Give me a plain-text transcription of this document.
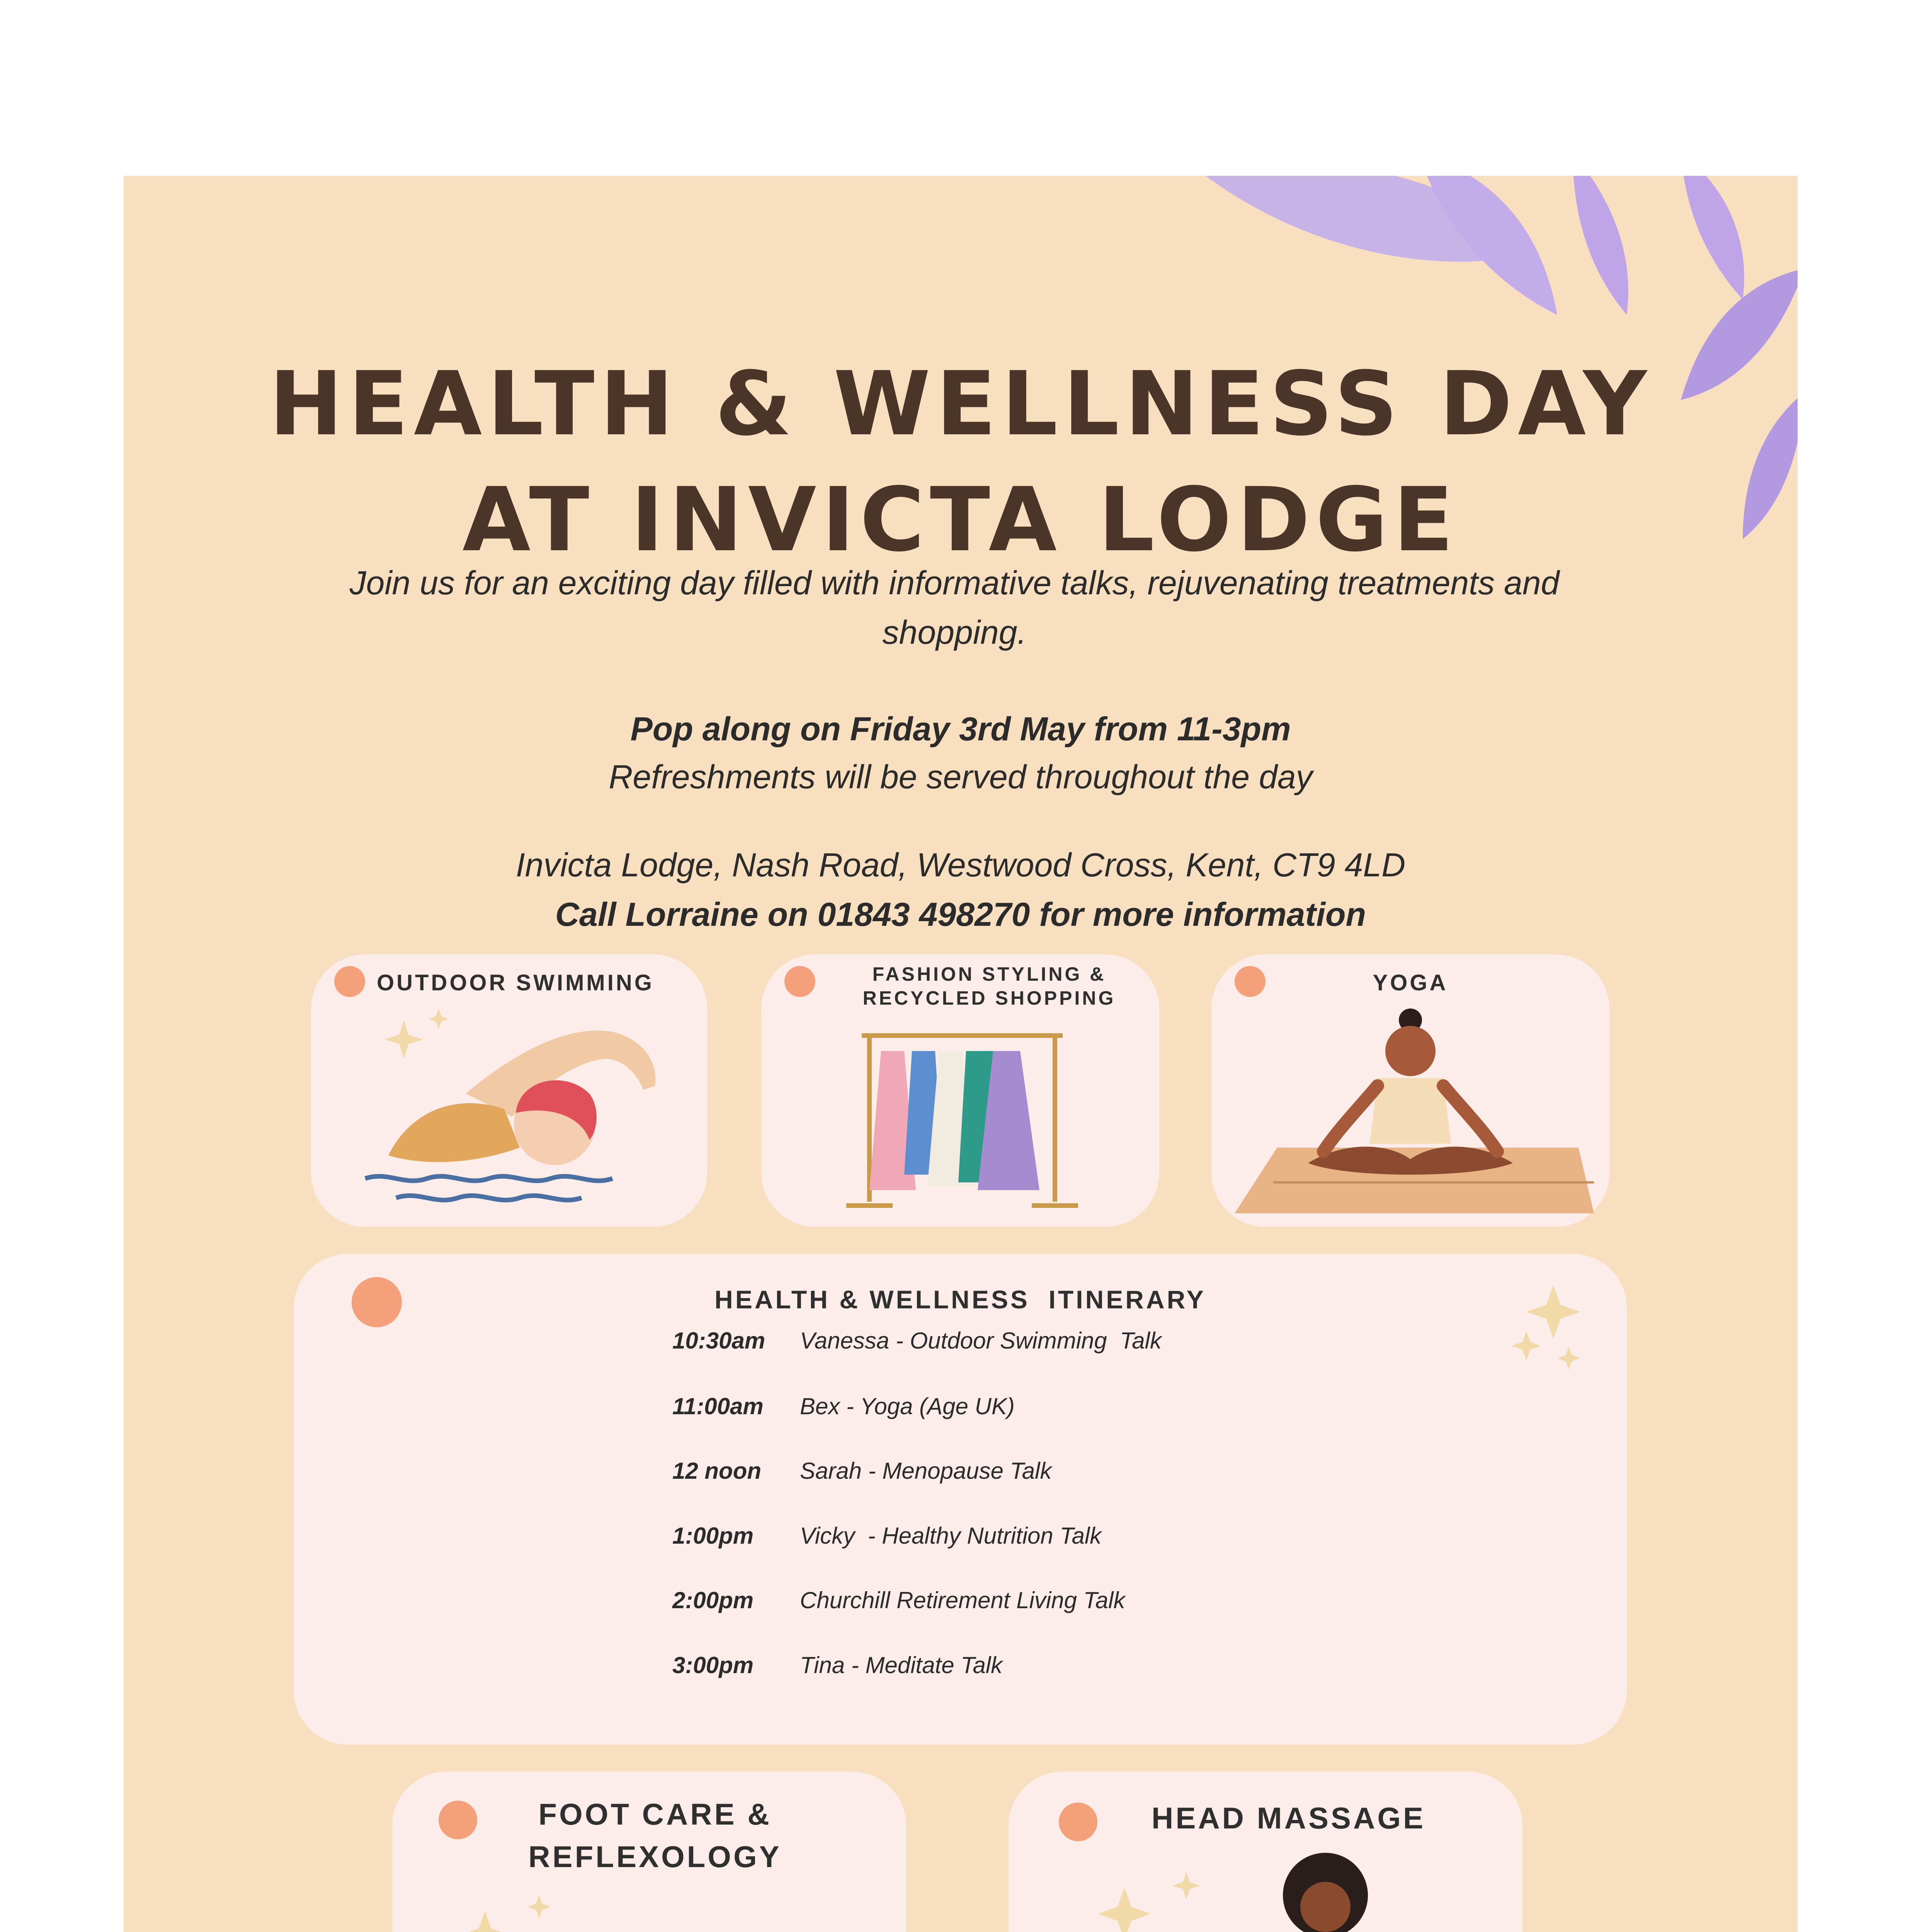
HEALTH & WELLNESS DAY
AT INVICTA LODGE
Join us for an exciting day filled with informative talks, rejuvenating treatments and shopping.
Pop along on Friday 3rd May from 11-3pm
Refreshments will be served throughout the day
Invicta Lodge, Nash Road, Westwood Cross, Kent, CT9 4LD
Call Lorraine on 01843 498270 for more information
OUTDOOR SWIMMING	FASHION STYLING &
RECYCLED SHOPPING
YOGA
HEALTH & WELLNESS  ITINERARY
10:30am Vanessa - Outdoor Swimming  Talk
11:00am Bex - Yoga (Age UK)
12 noon Sarah - Menopause Talk
1:00pm Vicky  - Healthy Nutrition Talk
2:00pm Churchill Retirement Living Talk
3:00pm Tina - Meditate Talk
FOOT CARE &
REFLEXOLOGY
HEAD MASSAGE
